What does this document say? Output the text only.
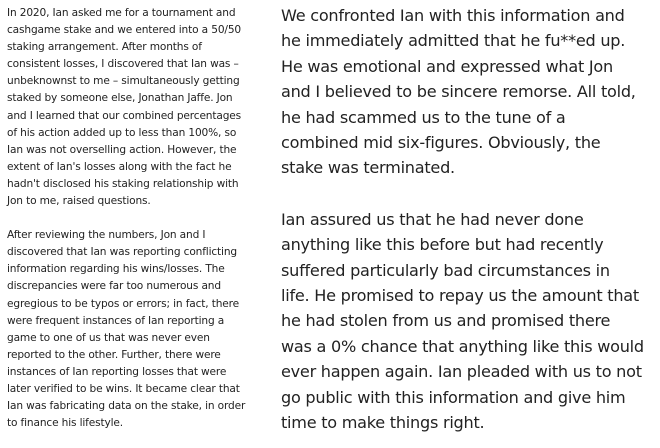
In 2020, Ian asked me for a tournament and
cashgame stake and we entered into a 50/50
staking arrangement. After months of
consistent losses, I discovered that Ian was –
unbeknownst to me – simultaneously getting
staked by someone else, Jonathan Jaffe. Jon
and I learned that our combined percentages
of his action added up to less than 100%, so
Ian was not overselling action. However, the
extent of Ian's losses along with the fact he
hadn't disclosed his staking relationship with
Jon to me, raised questions.
After reviewing the numbers, Jon and I
discovered that Ian was reporting conflicting
information regarding his wins/losses. The
discrepancies were far too numerous and
egregious to be typos or errors; in fact, there
were frequent instances of Ian reporting a
game to one of us that was never even
reported to the other. Further, there were
instances of Ian reporting losses that were
later verified to be wins. It became clear that
Ian was fabricating data on the stake, in order
to finance his lifestyle.
We confronted Ian with this information and
he immediately admitted that he fu**ed up.
He was emotional and expressed what Jon
and I believed to be sincere remorse. All told,
he had scammed us to the tune of a
combined mid six-figures. Obviously, the
stake was terminated.
Ian assured us that he had never done
anything like this before but had recently
suffered particularly bad circumstances in
life. He promised to repay us the amount that
he had stolen from us and promised there
was a 0% chance that anything like this would
ever happen again. Ian pleaded with us to not
go public with this information and give him
time to make things right.
